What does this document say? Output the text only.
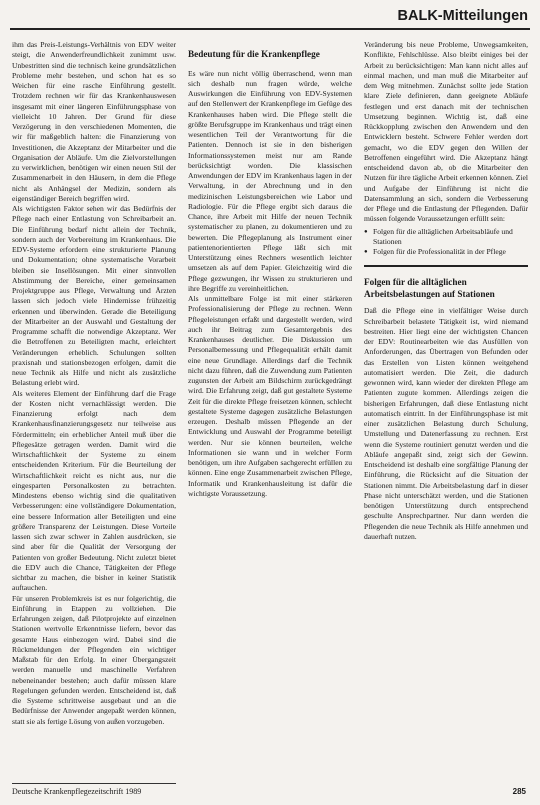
BALK-Mitteilungen

ihm das Preis-Leistungs-Verhältnis von EDV weiter steigt, die Anwenderfreundlichkeit zunimmt usw. Unbestritten sind die technisch keine grundsätzlichen Probleme mehr bestehen, und schon hat es so Weichen für eine rasche Einführung gestellt. Trotzdem rechnen wir für das Krankenhauswesen insgesamt mit einer längeren Einführungsphase von vielleicht 10 Jahren. Der Grund für diese Verzögerung in den verschiedenen Momenten, die wir für maßgeblich halten: die Finanzierung von Investitionen, die Akzeptanz der Mitarbeiter und die Organisation der Abläufe. Um die Zielvorstellungen zu verwirklichen, benötigen wir einen neuen Stil der Zusammenarbeit in den Häusern, in dem die Pflege nicht als Anhängsel der Medizin, sondern als eigenständiger Bereich begriffen wird.

Als wichtigsten Faktor sehen wir das Bedürfnis der Pflege nach einer Entlastung von Schreibarbeit an. Die Einführung bedarf nicht allein der Technik, sondern auch der Vorbereitung im Krankenhaus. Die EDV-Systeme erfordern eine strukturierte Planung und Dokumentation; ohne systematische Vorarbeit bleiben sie Insellösungen. Mit einer sinnvollen Abstimmung der Bereiche, einer gemeinsamen Projektgruppe aus Pflege, Verwaltung und Ärzten lassen sich jedoch viele Hindernisse frühzeitig erkennen und überwinden. Gerade die Beteiligung der Mitarbeiter an der Auswahl und Gestaltung der Programme schafft die notwendige Akzeptanz. Wer die Betroffenen zu Beteiligten macht, erleichtert Veränderungen erheblich. Schulungen sollten praxisnah und stationsbezogen erfolgen, damit die neue Technik als Hilfe und nicht als zusätzliche Belastung erlebt wird.

Als weiteres Element der Einführung darf die Frage der Kosten nicht vernachlässigt werden. Die Finanzierung erfolgt nach dem Krankenhausfinanzierungsgesetz nur teilweise aus Fördermitteln; ein erheblicher Anteil muß über die Pflegesätze getragen werden. Damit wird die Wirtschaftlichkeit der Systeme zu einem entscheidenden Kriterium. Für die Beurteilung der Wirtschaftlichkeit reicht es nicht aus, nur die eingesparten Personalkosten zu betrachten. Mindestens ebenso wichtig sind die qualitativen Verbesserungen: eine vollständigere Dokumentation, eine bessere Information aller Beteiligten und eine größere Transparenz der Leistungen. Diese Vorteile lassen sich zwar schwer in Zahlen ausdrücken, sie sind aber für die Qualität der Versorgung der Patienten von großer Bedeutung. Nicht zuletzt bietet die EDV auch die Chance, Tätigkeiten der Pflege sichtbar zu machen, die bisher in keiner Statistik auftauchen.

Für unseren Problemkreis ist es nur folgerichtig, die Einführung in Etappen zu vollziehen. Die Erfahrungen zeigen, daß Pilotprojekte auf einzelnen Stationen wertvolle Erkenntnisse liefern, bevor das gesamte Haus einbezogen wird. Dabei sind die Rückmeldungen der Pflegenden ein wichtiger Maßstab für den Erfolg. In einer Übergangszeit werden manuelle und maschinelle Verfahren nebeneinander bestehen; auch dafür müssen klare Regelungen gefunden werden. Entscheidend ist, daß die Systeme schrittweise ausgebaut und an die Bedürfnisse der Anwender angepaßt werden können, statt sie als fertige Lösung von außen vorzugeben.

Bedeutung für die Krankenpflege

Es wäre nun nicht völlig überraschend, wenn man sich deshalb nun fragen würde, welche Auswirkungen die Einführung von EDV-Systemen auf den Stellenwert der Krankenpflege im Gefüge des Krankenhauses haben wird. Die Pflege stellt die größte Berufsgruppe im Krankenhaus und trägt einen wesentlichen Teil der Verantwortung für die Patienten. Dennoch ist sie in den bisherigen Informationssystemen meist nur am Rande berücksichtigt worden. Die klassischen Anwendungen der EDV im Krankenhaus lagen in der Verwaltung, in der Abrechnung und in den medizinischen Leistungsbereichen wie Labor und Radiologie. Für die Pflege ergibt sich daraus die Chance, ihre Arbeit mit Hilfe der neuen Technik systematischer zu planen, zu dokumentieren und zu bewerten. Die Pflegeplanung als Instrument einer patientenorientierten Pflege läßt sich mit Unterstützung eines Rechners wesentlich leichter umsetzen als auf dem Papier. Gleichzeitig wird die Pflege gezwungen, ihr Wissen zu strukturieren und ihre Begriffe zu vereinheitlichen.

Als unmittelbare Folge ist mit einer stärkeren Professionalisierung der Pflege zu rechnen. Wenn Pflegeleistungen erfaßt und dargestellt werden, wird auch ihr Beitrag zum Gesamtergebnis des Krankenhauses deutlicher. Die Diskussion um Personalbemessung und Pflegequalität erhält damit eine neue Grundlage. Allerdings darf die Technik nicht dazu führen, daß die Zuwendung zum Patienten zugunsten der Arbeit am Bildschirm zurückgedrängt wird. Die Erfahrung zeigt, daß gut gestaltete Systeme Zeit für die direkte Pflege freisetzen können, schlecht gestaltete Systeme dagegen zusätzliche Belastungen erzeugen. Deshalb müssen Pflegende an der Entwicklung und Auswahl der Programme beteiligt werden. Nur sie können beurteilen, welche Informationen sie wann und in welcher Form benötigen, um ihre Aufgaben sachgerecht erfüllen zu können. Eine enge Zusammenarbeit zwischen Pflege, Informatik und Krankenhausleitung ist dafür die wichtigste Voraussetzung.

Veränderung bis neue Probleme, Unwegsamkeiten, Konflikte, Fehlschlüsse. Also bleibt einiges bei der Arbeit zu berücksichtigen: Man kann nicht alles auf einmal machen, und man muß die Mitarbeiter auf dem Weg mitnehmen. Zunächst sollte jede Station klare Ziele definieren, dann geeignete Abläufe festlegen und erst danach mit der technischen Umsetzung beginnen. Wichtig ist, daß eine Rückkopplung zwischen den Anwendern und den Entwicklern besteht. Schwere Fehler werden dort gemacht, wo die EDV gegen den Willen der Betroffenen eingeführt wird. Die Akzeptanz hängt entscheidend davon ab, ob die Mitarbeiter den Nutzen für ihre tägliche Arbeit erkennen können. Ziel und Aufgabe der Einführung ist nicht die Datensammlung an sich, sondern die Verbesserung der Pflege und die Entlastung der Pflegenden. Dafür müssen folgende Voraussetzungen erfüllt sein:

● Folgen für die alltäglichen Arbeitsabläufe und Stationen
● Folgen für die Professionalität in der Pflege
Folgen für die alltäglichen Arbeitsbelastungen auf Stationen

Daß die Pflege eine in vielfältiger Weise durch Schreibarbeit belastete Tätigkeit ist, wird niemand bestreiten. Hier liegt eine der wichtigsten Chancen der EDV: Routinearbeiten wie das Ausfüllen von Anforderungen, das Übertragen von Befunden oder das Erstellen von Listen können weitgehend automatisiert werden. Die Zeit, die dadurch gewonnen wird, kann wieder der direkten Pflege am Patienten zugute kommen. Allerdings zeigen die bisherigen Erfahrungen, daß diese Entlastung nicht automatisch eintritt. In der Einführungsphase ist mit einer zusätzlichen Belastung durch Schulung, Umstellung und Datenerfassung zu rechnen. Erst wenn die Systeme routiniert genutzt werden und die Abläufe angepaßt sind, zeigt sich der Gewinn. Entscheidend ist deshalb eine sorgfältige Planung der Einführung, die Rücksicht auf die Situation der Stationen nimmt. Die Arbeitsbelastung darf in dieser Phase nicht unterschätzt werden, und die Stationen benötigen Unterstützung durch entsprechend geschulte Ansprechpartner. Nur dann werden die Pflegenden die neue Technik als Hilfe annehmen und dauerhaft nutzen.

Deutsche Krankenpflegezeitschrift 1989	285
